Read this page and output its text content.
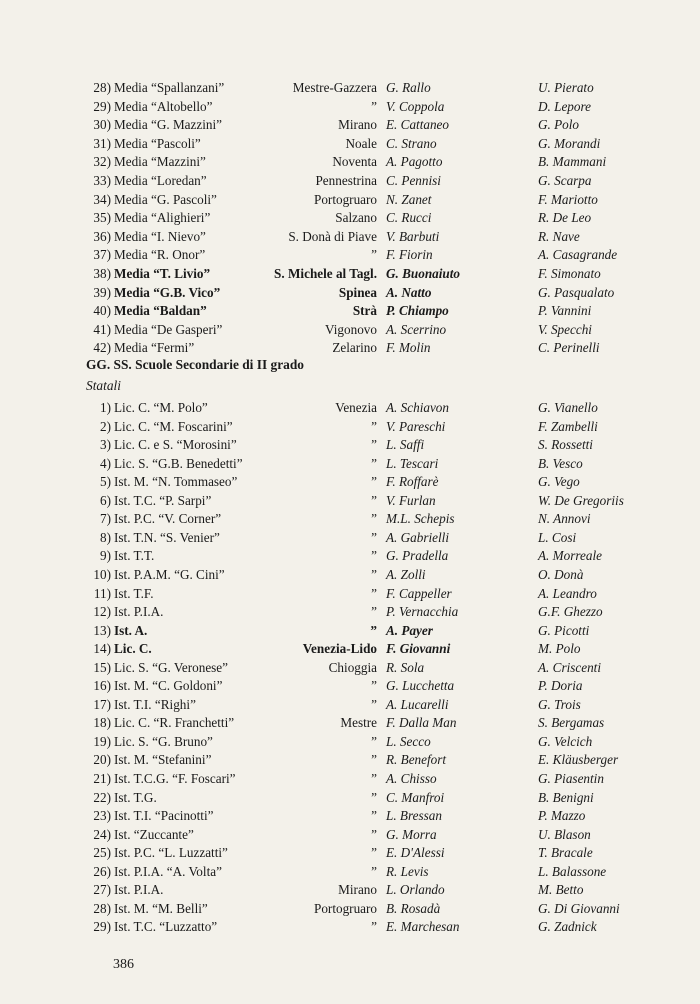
28) Media “Spallanzani”	Mestre-Gazzera G. Rallo	U. Pierato
29) Media “Altobello”	” V. Coppola	D. Lepore
30) Media “G. Mazzini”	Mirano E. Cattaneo	G. Polo
31) Media “Pascoli”	Noale C. Strano	G. Morandi
32) Media “Mazzini”	Noventa A. Pagotto	B. Mammani
33) Media “Loredan”	Pennestrina C. Pennisi	G. Scarpa
34) Media “G. Pascoli”	Portogruaro N. Zanet	F. Mariotto
35) Media “Alighieri”	Salzano C. Rucci	R. De Leo
36) Media “I. Nievo”	S. Donà di Piave V. Barbuti	R. Nave
37) Media “R. Onor”	” F. Fiorin	A. Casagrande
38) Media “T. Livio”	S. Michele al Tagl. G. Buonaiuto	F. Simonato
39) Media “G.B. Vico”	Spinea A. Natto	G. Pasqualato
40) Media “Baldan”	Strà P. Chiampo	P. Vannini
41) Media “De Gasperi”	Vigonovo A. Scerrino	V. Specchi
42) Media “Fermi”	Zelarino F. Molin	C. Perinelli
GG. SS. Scuole Secondarie di II grado
Statali
1) Lic. C. “M. Polo”	Venezia A. Schiavon	G. Vianello
2) Lic. C. “M. Foscarini”	” V. Pareschi	F. Zambelli
3) Lic. C. e S. “Morosini”	” L. Saffi	S. Rossetti
4) Lic. S. “G.B. Benedetti”	” L. Tescari	B. Vesco
5) Ist. M. “N. Tommaseo”	” F. Roffarè	G. Vego
6) Ist. T.C. “P. Sarpi”	” V. Furlan	W. De Gregoriis
7) Ist. P.C. “V. Corner”	” M.L. Schepis	N. Annovi
8) Ist. T.N. “S. Venier”	” A. Gabrielli	L. Cosi
9) Ist. T.T.	” G. Pradella	A. Morreale
10) Ist. P.A.M. “G. Cini”	” A. Zolli	O. Donà
11) Ist. T.F.	” F. Cappeller	A. Leandro
12) Ist. P.I.A.	” P. Vernacchia	G.F. Ghezzo
13) Ist. A.	” A. Payer	G. Picotti
14) Lic. C.	Venezia-Lido F. Giovanni	M. Polo
15) Lic. S. “G. Veronese”	Chioggia R. Sola	A. Criscenti
16) Ist. M. “C. Goldoni”	” G. Lucchetta	P. Doria
17) Ist. T.I. “Righi”	” A. Lucarelli	G. Trois
18) Lic. C. “R. Franchetti”	Mestre F. Dalla Man	S. Bergamas
19) Lic. S. “G. Bruno”	” L. Secco	G. Velcich
20) Ist. M. “Stefanini”	” R. Benefort	E. Kläusberger
21) Ist. T.C.G. “F. Foscari”	” A. Chisso	G. Piasentin
22) Ist. T.G.	” C. Manfroi	B. Benigni
23) Ist. T.I. “Pacinotti”	” L. Bressan	P. Mazzo
24) Ist. “Zuccante”	” G. Morra	U. Blason
25) Ist. P.C. “L. Luzzatti”	” E. D'Alessi	T. Bracale
26) Ist. P.I.A. “A. Volta”	” R. Levis	L. Balassone
27) Ist. P.I.A.	Mirano L. Orlando	M. Betto
28) Ist. M. “M. Belli”	Portogruaro B. Rosadà	G. Di Giovanni
29) Ist. T.C. “Luzzatto”	” E. Marchesan	G. Zadnick
386
